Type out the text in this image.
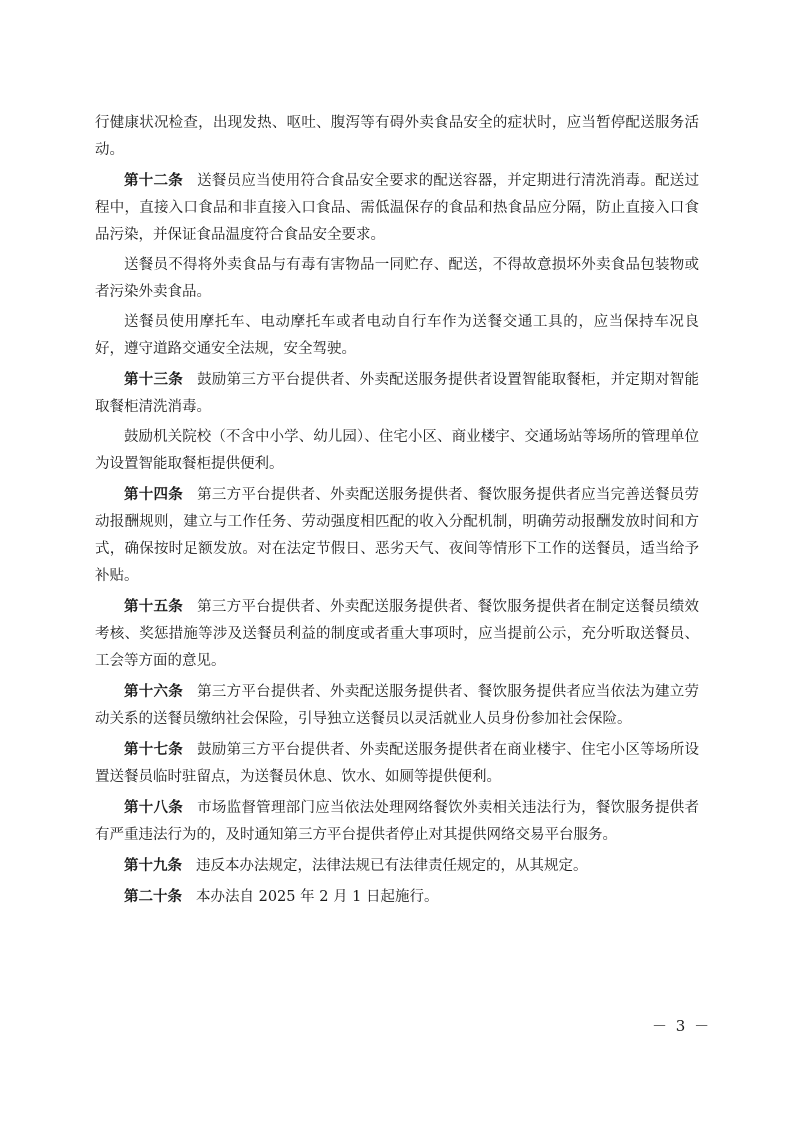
行健康状况检查，出现发热、呕吐、腹泻等有碍外卖食品安全的症状时，应当暂停配送服务活动。

第十二条 送餐员应当使用符合食品安全要求的配送容器，并定期进行清洗消毒。配送过程中，直接入口食品和非直接入口食品、需低温保存的食品和热食品应分隔，防止直接入口食品污染，并保证食品温度符合食品安全要求。

送餐员不得将外卖食品与有毒有害物品一同贮存、配送，不得故意损坏外卖食品包装物或者污染外卖食品。

送餐员使用摩托车、电动摩托车或者电动自行车作为送餐交通工具的，应当保持车况良好，遵守道路交通安全法规，安全驾驶。

第十三条 鼓励第三方平台提供者、外卖配送服务提供者设置智能取餐柜，并定期对智能取餐柜清洗消毒。

鼓励机关院校（不含中小学、幼儿园）、住宅小区、商业楼宇、交通场站等场所的管理单位为设置智能取餐柜提供便利。

第十四条 第三方平台提供者、外卖配送服务提供者、餐饮服务提供者应当完善送餐员劳动报酬规则，建立与工作任务、劳动强度相匹配的收入分配机制，明确劳动报酬发放时间和方式，确保按时足额发放。对在法定节假日、恶劣天气、夜间等情形下工作的送餐员，适当给予补贴。

第十五条 第三方平台提供者、外卖配送服务提供者、餐饮服务提供者在制定送餐员绩效考核、奖惩措施等涉及送餐员利益的制度或者重大事项时，应当提前公示，充分听取送餐员、工会等方面的意见。

第十六条 第三方平台提供者、外卖配送服务提供者、餐饮服务提供者应当依法为建立劳动关系的送餐员缴纳社会保险，引导独立送餐员以灵活就业人员身份参加社会保险。

第十七条 鼓励第三方平台提供者、外卖配送服务提供者在商业楼宇、住宅小区等场所设置送餐员临时驻留点，为送餐员休息、饮水、如厕等提供便利。

第十八条 市场监督管理部门应当依法处理网络餐饮外卖相关违法行为，餐饮服务提供者有严重违法行为的，及时通知第三方平台提供者停止对其提供网络交易平台服务。

第十九条 违反本办法规定，法律法规已有法律责任规定的，从其规定。

第二十条 本办法自 2025 年 2 月 1 日起施行。

－ 3 －
